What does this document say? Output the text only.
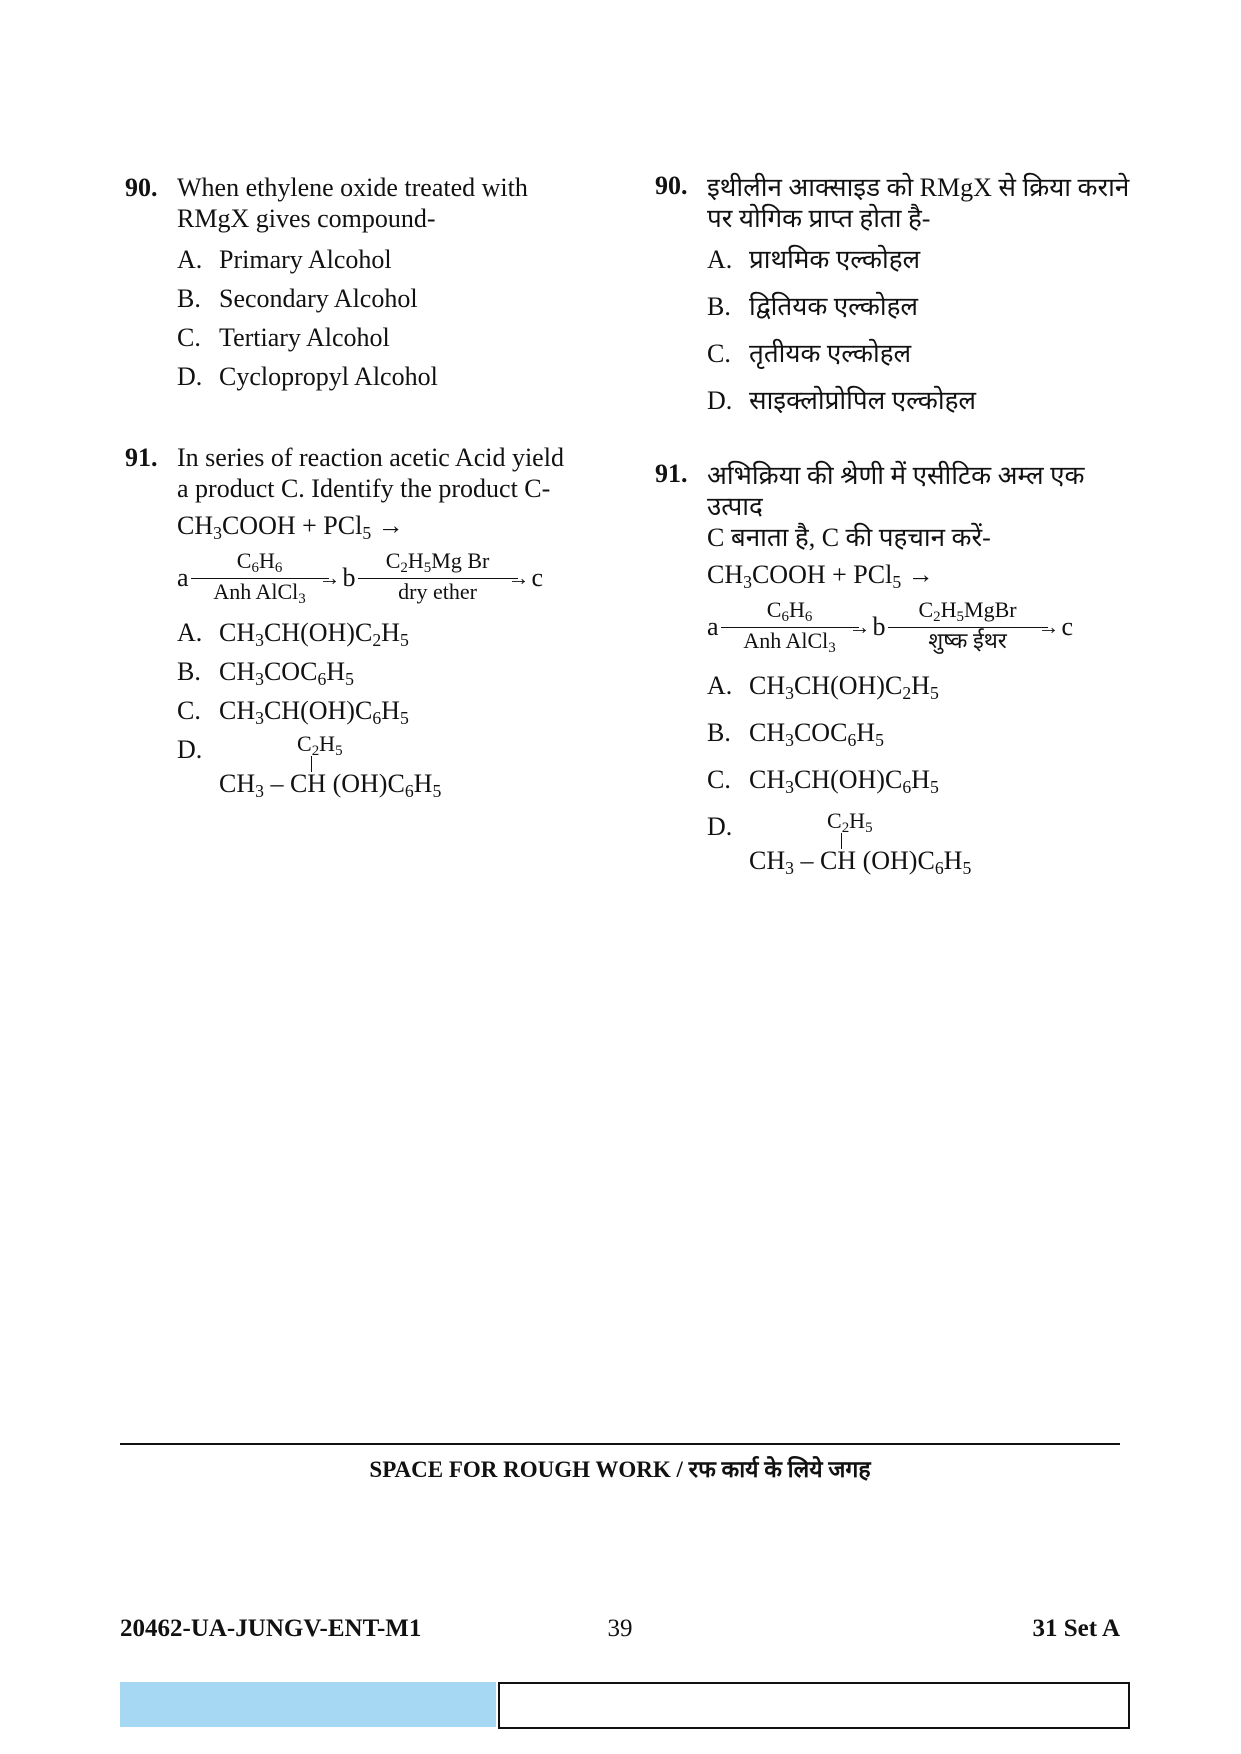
90. When ethylene oxide treated with
RMgX gives compound-
A. Primary Alcohol
B. Secondary Alcohol
C. Tertiary Alcohol
D. Cyclopropyl Alcohol
91. In series of reaction acetic Acid yield
a product C. Identify the product C-
$CH_3COOH + PCl_5$ →
a
$C_6H_6$	→
Anh AlCl$_3$
b
$C_2H_5Mg$ Br
→
dry ether	c
A. $CH_3CH(OH)C_2H_5$
B. $CH_3COC_6H_5$
C. $CH_3CH(OH)C_6H_5$
D.	$C_2H_5$
$CH_3$ – CH $(OH)C_6H_5$
90. इथीलीन आक्साइड को RMgX से क्रिया कराने
पर योगिक प्राप्त होता है-
A. प्राथमिक एल्कोहल
B. द्वितियक एल्कोहल
C. तृतीयक एल्कोहल
D. साइक्लोप्रोपिल एल्कोहल
91. अभिक्रिया की श्रेणी में एसीटिक अम्ल एक उत्पाद
C बनाता है, C की पहचान करें-
$CH_3COOH + PCl_5$ →
a
$C_6H_6$	→
Anh AlCl$_3$
b
$C_2H_5MgBr$
→
शुष्क ईथर	c
A. $CH_3CH(OH)C_2H_5$
B. $CH_3COC_6H_5$
C. $CH_3CH(OH)C_6H_5$
D.	$C_2H_5$
$CH_3$ – CH $(OH)C_6H_5$
SPACE FOR ROUGH WORK / रफ कार्य के लिये जगह
20462-UA-JUNGV-ENT-M1	39	31 Set A
